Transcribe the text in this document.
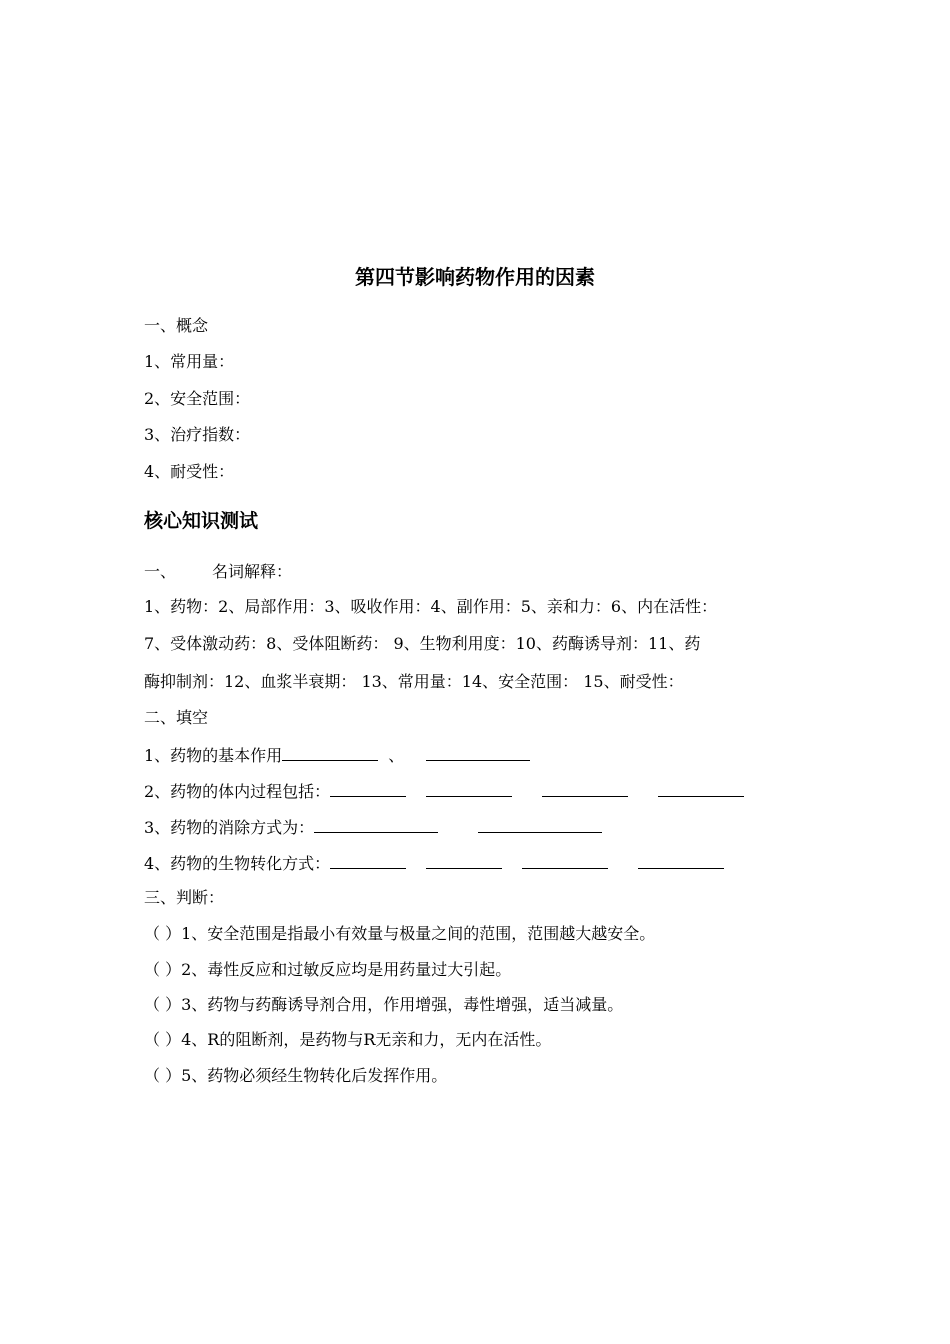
第四节影响药物作用的因素
一、概念
1、常用量：
2、安全范围：
3、治疗指数：
4、耐受性：
核心知识测试
一、 名词解释：
1、药物：2、局部作用：3、吸收作用：4、副作用：5、亲和力：6、内在活性：
7、受体激动药：8、受体阻断药： 9、生物利用度：10、药酶诱导剂：11、药
酶抑制剂：12、血浆半衰期： 13、常用量：14、安全范围： 15、耐受性：
二、填空
1、药物的基本作用	、
2、药物的体内过程包括：
3、药物的消除方式为：
4、药物的生物转化方式：
三、判断：
（ ）1、安全范围是指最小有效量与极量之间的范围，范围越大越安全。
（ ）2、毒性反应和过敏反应均是用药量过大引起。
（ ）3、药物与药酶诱导剂合用，作用增强，毒性增强，适当减量。
（ ）4、R的阻断剂，是药物与R无亲和力，无内在活性。
（ ）5、药物必须经生物转化后发挥作用。
